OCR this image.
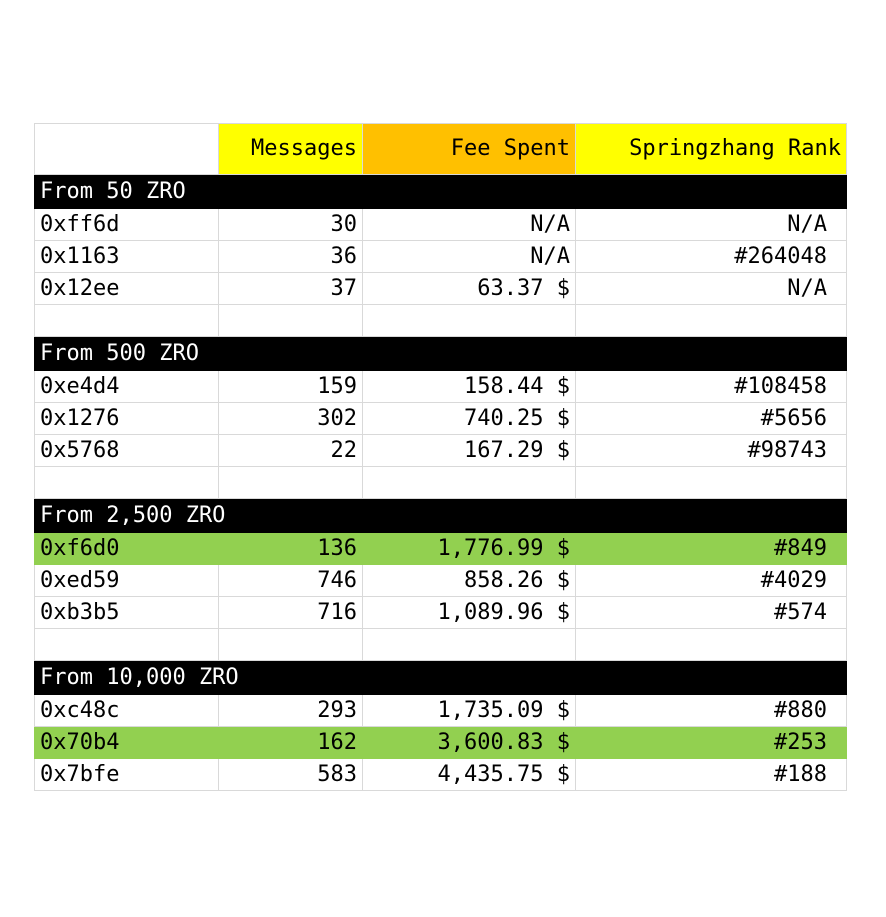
	Messages	Fee Spent	Springzhang Rank
From 50 ZRO			
0xff6d	30	N/A	N/A
0x1163	36	N/A	#264048
0x12ee	37	63.37 $	N/A

From 500 ZRO			
0xe4d4	159	158.44 $	#108458
0x1276	302	740.25 $	#5656
0x5768	22	167.29 $	#98743

From 2,500 ZRO			
0xf6d0	136	1,776.99 $	#849
0xed59	746	858.26 $	#4029
0xb3b5	716	1,089.96 $	#574

From 10,000 ZRO			
0xc48c	293	1,735.09 $	#880
0x70b4	162	3,600.83 $	#253
0x7bfe	583	4,435.75 $	#188
